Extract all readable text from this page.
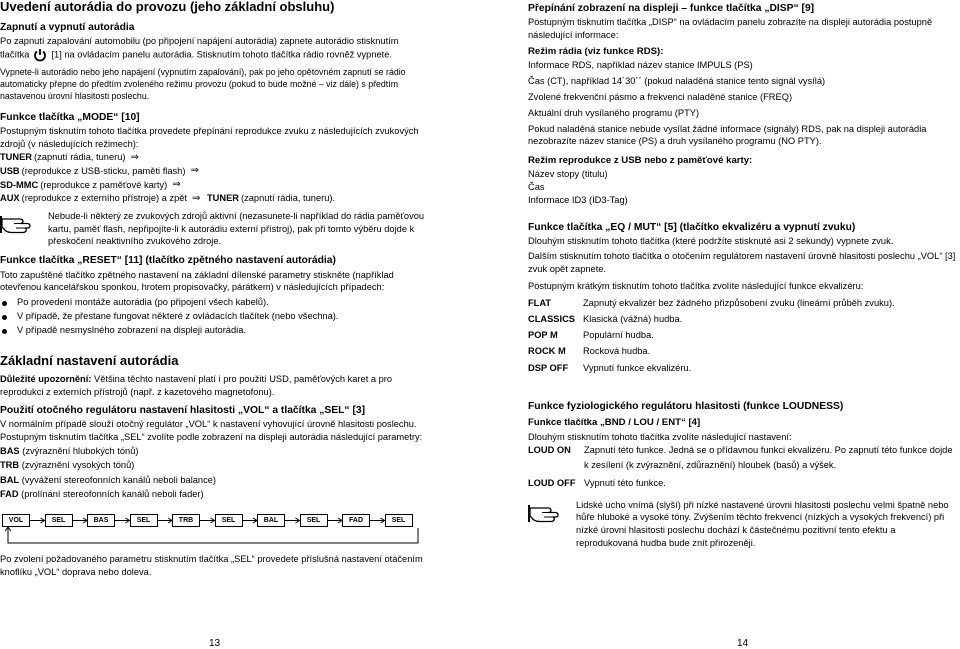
Uvedení autorádia do provozu (jeho základní obsluhu)
Zapnutí a vypnutí autorádia

Po zapnutí zapalování automobilu (po připojení napájení autorádia) zapnete autorádio stisknutím

tlačítka [1] na ovládacím panelu autorádia. Stisknutím tohoto tlačítka rádio rovněž vypnete.

Vypnete-li autorádio nebo jeho napájení (vypnutím zapalování), pak po jeho opětovném zapnutí se rádio automaticky přepne do předtím zvoleného režimu provozu (pokud to bude možné – viz dále) s předtím nastavenou úrovní hlasitosti poslechu.

Funkce tlačítka „MODE“ [10]

Postupným tisknutím tohoto tlačítka provedete přepínání reprodukce zvuku z následujících zvukových zdrojů (v následujících režimech):

TUNER (zapnutí rádia, tuneru) ⇒
USB (reprodukce z USB-sticku, paměti flash) ⇒
SD-MMC (reprodukce z paměťové karty) ⇒
AUX (reprodukce z externího přístroje) a zpět ⇒
TUNER (zapnutí rádia, tuneru).

Nebude-li některý ze zvukových zdrojů aktivní (nezasunete-li například do rádia paměťovou kartu, paměť flash, nepřipojíte-li k autorádiu externí přístroj), pak při tomto výběru dojde k přeskočení neaktivního zvukového zdroje.

Funkce tlačítka „RESET“ [11] (tlačítko zpětného nastavení autorádia)

Toto zapuštěné tlačítko zpětného nastavení na základní dílenské parametry stiskněte (například otevřenou kancelářskou sponkou, hrotem propisovačky, párátkem) v následujících případech:

Po provedení montáže autorádia (po připojení všech kabelů).
V případě, že přestane fungovat některé z ovládacích tlačítek (nebo všechna).
V případě nesmyslného zobrazení na displeji autorádia.
Základní nastavení autorádia

Důležité upozornění: Většina těchto nastavení platí i pro použití USD, paměťových karet a pro reprodukci z externích přístrojů (např. z kazetového magnetofonu).

Použití otočného regulátoru nastavení hlasitosti „VOL“ a tlačítka „SEL“ [3]

V normálním případě slouží otočný regulátor „VOL“ k nastavení vyhovující úrovně hlasitosti poslechu. Postupným tisknutím tlačítka „SEL“ zvolíte podle zobrazení na displeji autorádia následující parametry:

BAS (zvýraznění hlubokých tónů)
TRB (zvýraznění vysokých tónů)
BAL (vyvážení stereofonních kanálů neboli balance)
FAD (prolínání stereofonních kanálů neboli fader)
VOL	SEL	BAS	SEL	TRB	SEL	BAL	SEL	FAD	SEL

Po zvolení požadovaného parametru stisknutím tlačítka „SEL“ provedete příslušná nastavení otáčením knoflíku „VOL“ doprava nebo doleva.

13
Přepínání zobrazení na displeji – funkce tlačítka „DISP“ [9]

Postupným tisknutím tlačítka „DISP“ na ovládacím panelu zobrazíte na displeji autorádia postupně následující informace:

Režim rádia (viz funkce RDS):

Informace RDS, například název stanice IMPULS (PS)

Čas (CT), například 14´30´´ (pokud naladěná stanice tento signál vysílá)

Zvolené frekvenční pásmo a frekvenci naladěné stanice (FREQ)

Aktuální druh vysílaného programu (PTY)

Pokud naladěná stanice nebude vysílat žádné informace (signály) RDS, pak na displeji autorádia nezobrazíte název stanice (PS) a druh vysílaného programu (NO PTY).

Režim reprodukce z USB nebo z paměťové karty:

Název stopy (titulu)

Čas

Informace ID3 (ID3-Tag)

Funkce tlačítka „EQ / MUT“ [5] (tlačítko ekvalizéru a vypnutí zvuku)

Dlouhým stisknutím tohoto tlačítka (které podržíte stisknuté asi 2 sekundy) vypnete zvuk.

Dalším stisknutím tohoto tlačítka o otočením regulátorem nastavení úrovně hlasitosti poslechu „VOL“ [3] zvuk opět zapnete.

Postupným krátkým tisknutím tohoto tlačítka zvolíte následující funkce ekvalizéru:

FLAT	Zapnutý ekvalizér bez žádného přizpůsobení zvuku (lineární průběh zvuku).
CLASSICS Klasická (vážná) hudba.
POP M	Populární hudba.
ROCK M	Rocková hudba.
DSP OFF	Vypnutí funkce ekvalizéru.
Funkce fyziologického regulátoru hlasitosti (funkce LOUDNESS)
Funkce tlačítka „BND / LOU / ENT“ [4]

Dlouhým stisknutím tohoto tlačítka zvolíte následující nastavení:

LOUD ON	Zapnutí této funkce. Jedná se o přídavnou funkci ekvalizéru. Po zapnutí této funkce dojde k zesílení (k zvýraznění, zdůraznění) hloubek (basů) a výšek.
LOUD OFF Vypnutí této funkce.

Lidské ucho vnímá (slyší) při nízké nastavené úrovni hlasitosti poslechu velmi špatně nebo hůře hluboké a vysoké tóny. Zvýšením těchto frekvencí (nízkých a vysokých frekvencí) při nízké úrovni hlasitosti poslechu dochází k částečnému pozitivní tento efektu a reprodukovaná hudba bude znít přirozeněji.

14
